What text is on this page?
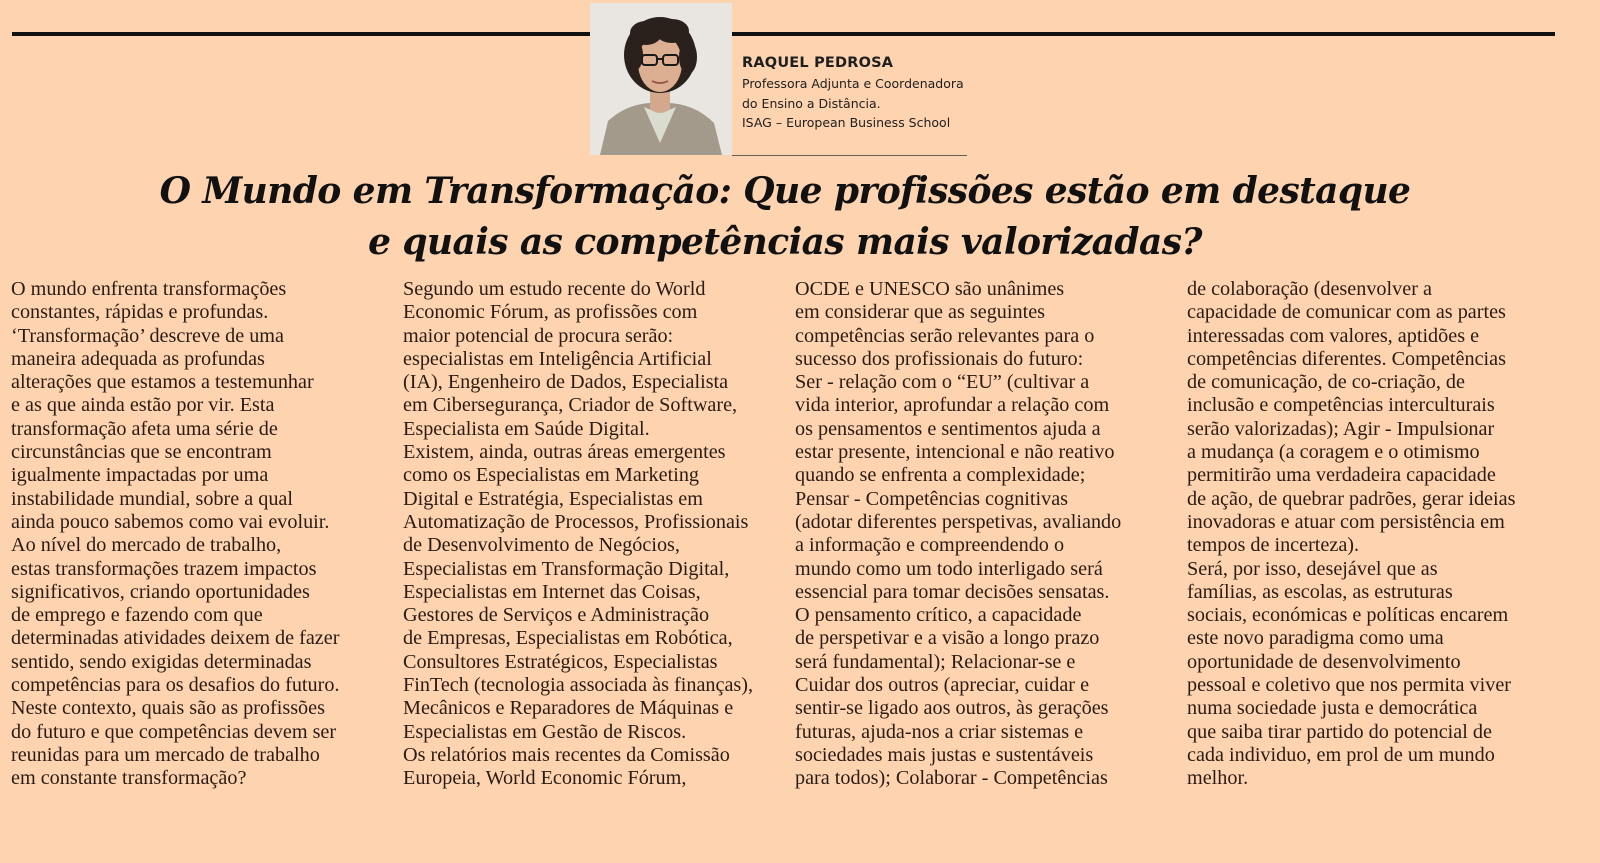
RAQUEL PEDROSA
Professora Adjunta e Coordenadora
do Ensino a Distância.
ISAG – European Business School
O Mundo em Transformação: Que profissões estão em destaque
e quais as competências mais valorizadas?
O mundo enfrenta transformações
constantes, rápidas e profundas.
‘Transformação’ descreve de uma
maneira adequada as profundas
alterações que estamos a testemunhar
e as que ainda estão por vir. Esta
transformação afeta uma série de
circunstâncias que se encontram
igualmente impactadas por uma
instabilidade mundial, sobre a qual
ainda pouco sabemos como vai evoluir.
Ao nível do mercado de trabalho,
estas transformações trazem impactos
significativos, criando oportunidades
de emprego e fazendo com que
determinadas atividades deixem de fazer
sentido, sendo exigidas determinadas
competências para os desafios do futuro.
Neste contexto, quais são as profissões
do futuro e que competências devem ser
reunidas para um mercado de trabalho
em constante transformação?
Segundo um estudo recente do World
Economic Fórum, as profissões com
maior potencial de procura serão:
especialistas em Inteligência Artificial
(IA), Engenheiro de Dados, Especialista
em Cibersegurança, Criador de Software,
Especialista em Saúde Digital.
Existem, ainda, outras áreas emergentes
como os Especialistas em Marketing
Digital e Estratégia, Especialistas em
Automatização de Processos, Profissionais
de Desenvolvimento de Negócios,
Especialistas em Transformação Digital,
Especialistas em Internet das Coisas,
Gestores de Serviços e Administração
de Empresas, Especialistas em Robótica,
Consultores Estratégicos, Especialistas
FinTech (tecnologia associada às finanças),
Mecânicos e Reparadores de Máquinas e
Especialistas em Gestão de Riscos.
Os relatórios mais recentes da Comissão
Europeia, World Economic Fórum,
OCDE e UNESCO são unânimes
em considerar que as seguintes
competências serão relevantes para o
sucesso dos profissionais do futuro:
Ser - relação com o “EU” (cultivar a
vida interior, aprofundar a relação com
os pensamentos e sentimentos ajuda a
estar presente, intencional e não reativo
quando se enfrenta a complexidade;
Pensar - Competências cognitivas
(adotar diferentes perspetivas, avaliando
a informação e compreendendo o
mundo como um todo interligado será
essencial para tomar decisões sensatas.
O pensamento crítico, a capacidade
de perspetivar e a visão a longo prazo
será fundamental); Relacionar-se e
Cuidar dos outros (apreciar, cuidar e
sentir-se ligado aos outros, às gerações
futuras, ajuda-nos a criar sistemas e
sociedades mais justas e sustentáveis
para todos); Colaborar - Competências
de colaboração (desenvolver a
capacidade de comunicar com as partes
interessadas com valores, aptidões e
competências diferentes. Competências
de comunicação, de co-criação, de
inclusão e competências interculturais
serão valorizadas); Agir - Impulsionar
a mudança (a coragem e o otimismo
permitirão uma verdadeira capacidade
de ação, de quebrar padrões, gerar ideias
inovadoras e atuar com persistência em
tempos de incerteza).
Será, por isso, desejável que as
famílias, as escolas, as estruturas
sociais, económicas e políticas encarem
este novo paradigma como uma
oportunidade de desenvolvimento
pessoal e coletivo que nos permita viver
numa sociedade justa e democrática
que saiba tirar partido do potencial de
cada individuo, em prol de um mundo
melhor.
